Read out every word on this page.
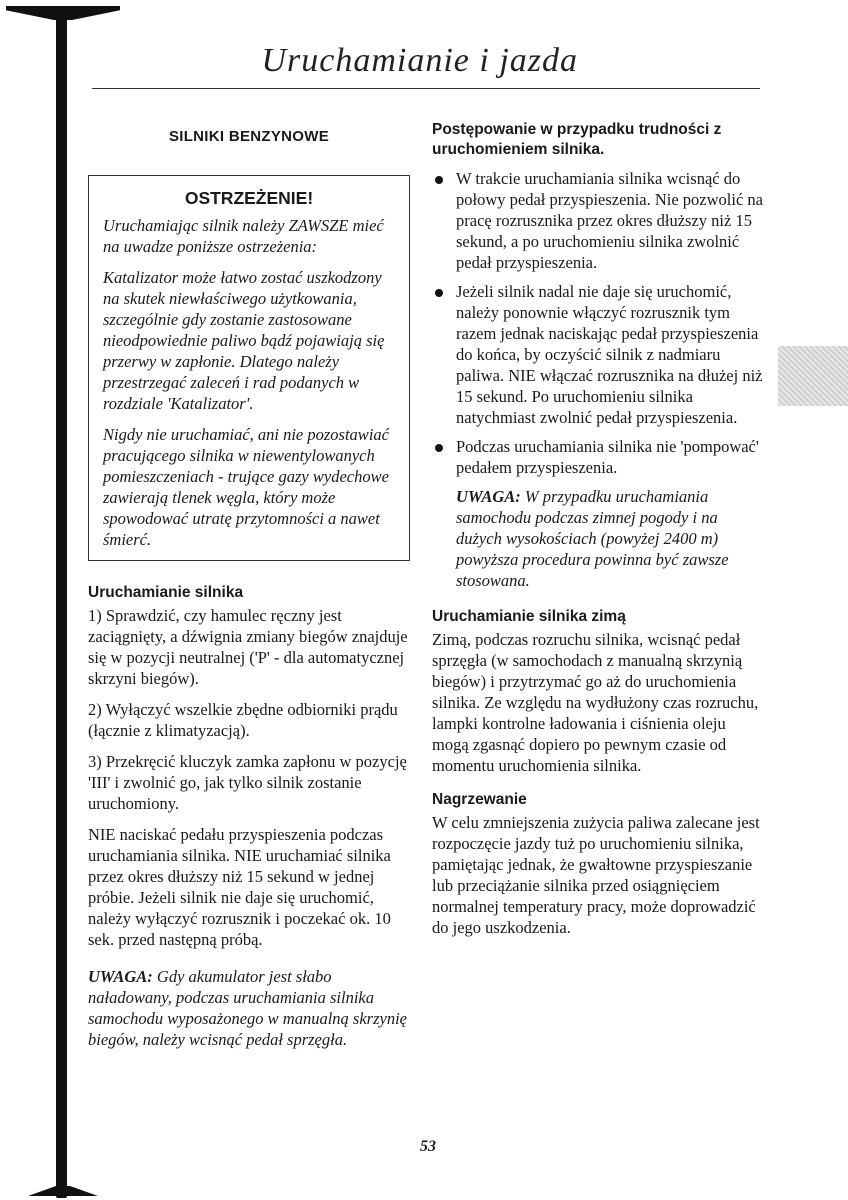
Uruchamianie i jazda
SILNIKI BENZYNOWE
OSTRZEŻENIE!

Uruchamiając silnik należy ZAWSZE mieć na uwadze poniższe ostrzeżenia:

Katalizator może łatwo zostać uszkodzony na skutek niewłaściwego użytkowania, szczególnie gdy zostanie zastosowane nieodpowiednie paliwo bądź pojawiają się przerwy w zapłonie. Dlatego należy przestrzegać zaleceń i rad podanych w rozdziale 'Katalizator'.

Nigdy nie uruchamiać, ani nie pozostawiać pracującego silnika w niewentylowanych pomieszczeniach - trujące gazy wydechowe zawierają tlenek węgla, który może spowodować utratę przytomności a nawet śmierć.

Uruchamianie silnika

1) Sprawdzić, czy hamulec ręczny jest zaciągnięty, a dźwignia zmiany biegów znajduje się w pozycji neutralnej ('P' - dla automatycznej skrzyni biegów).

2) Wyłączyć wszelkie zbędne odbiorniki prądu (łącznie z klimatyzacją).

3) Przekręcić kluczyk zamka zapłonu w pozycję 'III' i zwolnić go, jak tylko silnik zostanie uruchomiony.

NIE naciskać pedału przyspieszenia podczas uruchamiania silnika. NIE uruchamiać silnika przez okres dłuższy niż 15 sekund w jednej próbie. Jeżeli silnik nie daje się uruchomić, należy wyłączyć rozrusznik i poczekać ok. 10 sek. przed następną próbą.

UWAGA: Gdy akumulator jest słabo naładowany, podczas uruchamiania silnika samochodu wyposażonego w manualną skrzynię biegów, należy wcisnąć pedał sprzęgła.

Postępowanie w przypadku trudności z uruchomieniem silnika.
W trakcie uruchamiania silnika wcisnąć do połowy pedał przyspieszenia. Nie pozwolić na pracę rozrusznika przez okres dłuższy niż 15 sekund, a po uruchomieniu silnika zwolnić pedał przyspieszenia.
Jeżeli silnik nadal nie daje się uruchomić, należy ponownie włączyć rozrusznik tym razem jednak naciskając pedał przyspieszenia do końca, by oczyścić silnik z nadmiaru paliwa. NIE włączać rozrusznika na dłużej niż 15 sekund. Po uruchomieniu silnika natychmiast zwolnić pedał przyspieszenia.
Podczas uruchamiania silnika nie 'pompować' pedałem przyspieszenia.

UWAGA: W przypadku uruchamiania samochodu podczas zimnej pogody i na dużych wysokościach (powyżej 2400 m) powyższa procedura powinna być zawsze stosowana.

Uruchamianie silnika zimą

Zimą, podczas rozruchu silnika, wcisnąć pedał sprzęgła (w samochodach z manualną skrzynią biegów) i przytrzymać go aż do uruchomienia silnika. Ze względu na wydłużony czas rozruchu, lampki kontrolne ładowania i ciśnienia oleju mogą zgasnąć dopiero po pewnym czasie od momentu uruchomienia silnika.

Nagrzewanie

W celu zmniejszenia zużycia paliwa zalecane jest rozpoczęcie jazdy tuż po uruchomieniu silnika, pamiętając jednak, że gwałtowne przyspieszanie lub przeciążanie silnika przed osiągnięciem normalnej temperatury pracy, może doprowadzić do jego uszkodzenia.

53
